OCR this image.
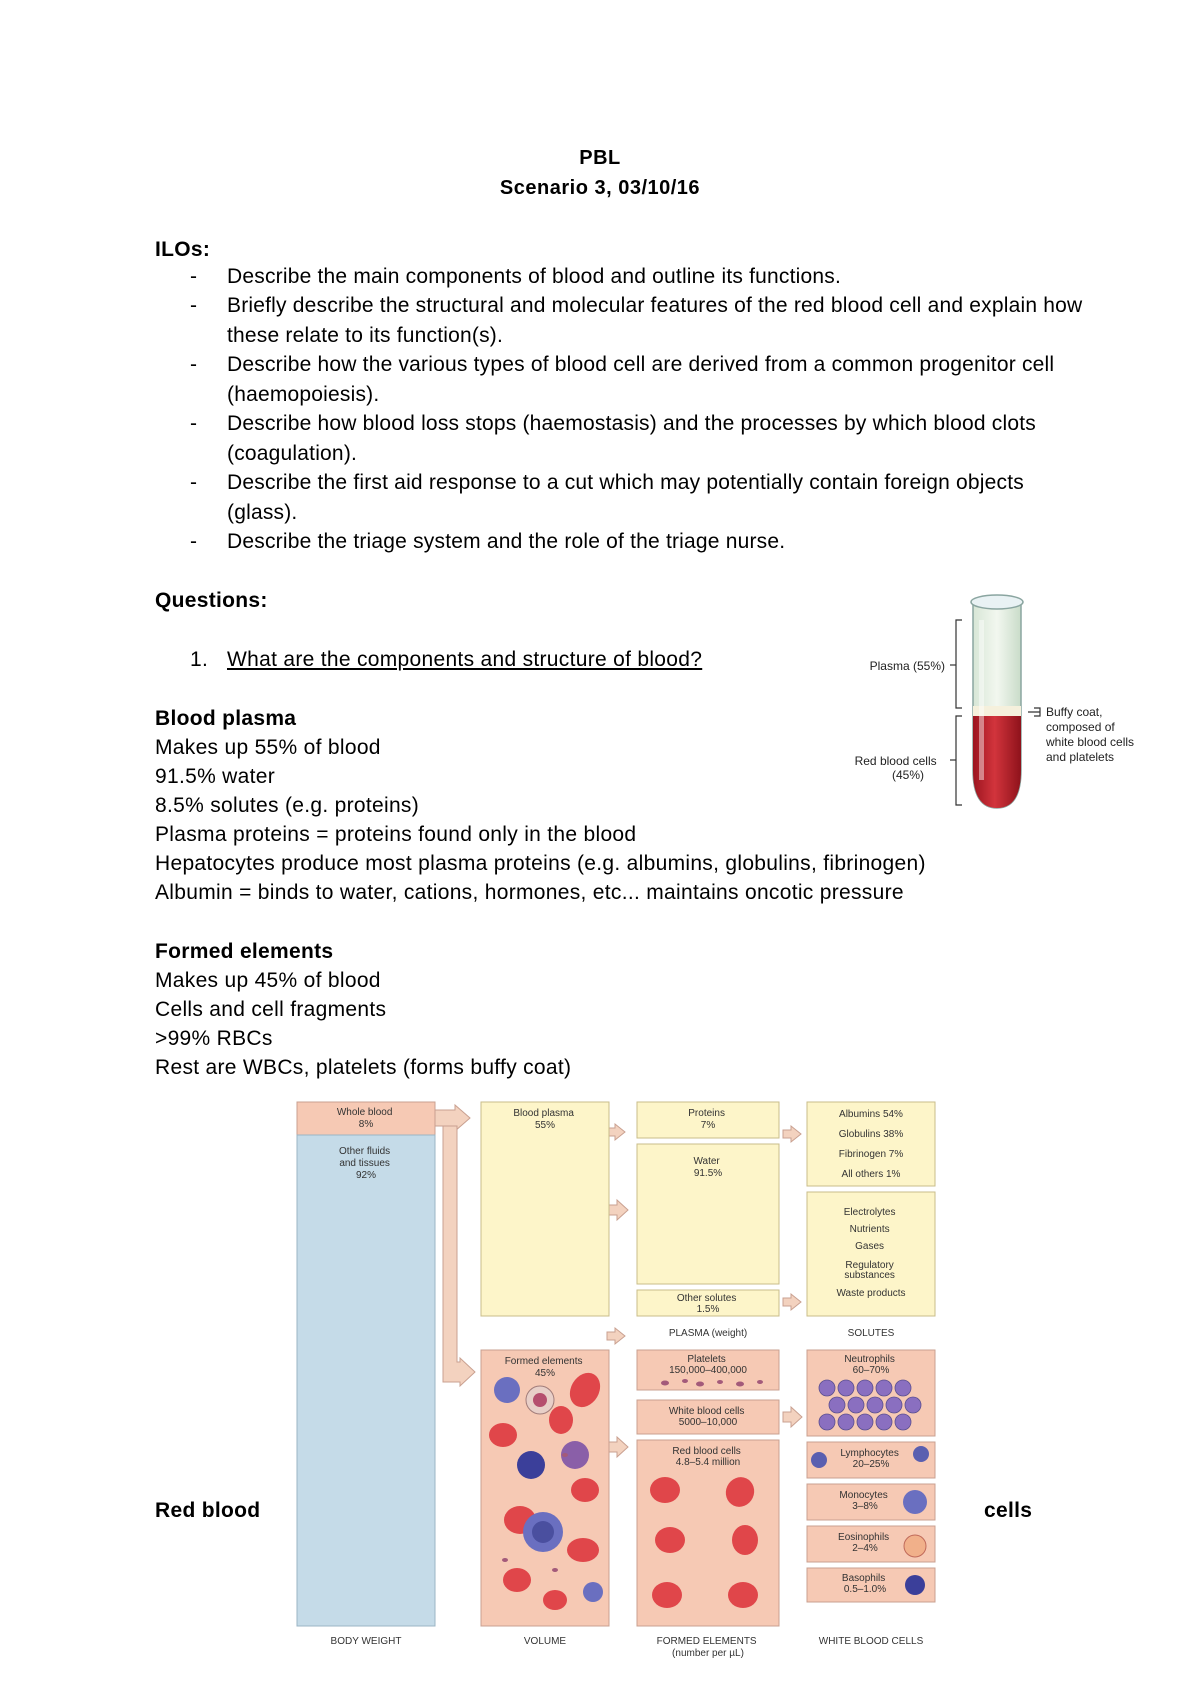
PBL
Scenario 3, 03/10/16
ILOs:
- Describe the main components of blood and outline its functions.
- Briefly describe the structural and molecular features of the red blood cell and explain how these relate to its function(s).
- Describe how the various types of blood cell are derived from a common progenitor cell (haemopoiesis).
- Describe how blood loss stops (haemostasis) and the processes by which blood clots (coagulation).
- Describe the first aid response to a cut which may potentially contain foreign objects (glass).
- Describe the triage system and the role of the triage nurse.
Questions:
1. What are the components and structure of blood?
Blood plasma
Makes up 55% of blood
91.5% water
8.5% solutes (e.g. proteins)
Plasma proteins = proteins found only in the blood
Hepatocytes produce most plasma proteins (e.g. albumins, globulins, fibrinogen)
Albumin = binds to water, cations, hormones, etc... maintains oncotic pressure
Formed elements
Makes up 45% of blood
Cells and cell fragments
>99% RBCs
Rest are WBCs, platelets (forms buffy coat)
Red blood	cells
Plasma (55%)
Red blood cells (45%)
Buffy coat, composed of white blood cells and platelets
Whole blood 8%
Other fluids and tissues 92%
Blood plasma 55%
Formed elements 45%
Proteins 7%
Water 91.5%
Other solutes 1.5%
PLASMA (weight)
Platelets 150,000–400,000
White blood cells 5000–10,000
Red blood cells 4.8–5.4 million
Albumins 54%
Globulins 38%
Fibrinogen 7%
All others 1%
Electrolytes Nutrients Gases Regulatory substances Waste products
SOLUTES
Neutrophils 60–70%
Lymphocytes 20–25%
Monocytes 3–8%
Eosinophils 2–4%
Basophils 0.5–1.0%
BODY WEIGHT	VOLUME	FORMED ELEMENTS (number per µL)
WHITE BLOOD CELLS
